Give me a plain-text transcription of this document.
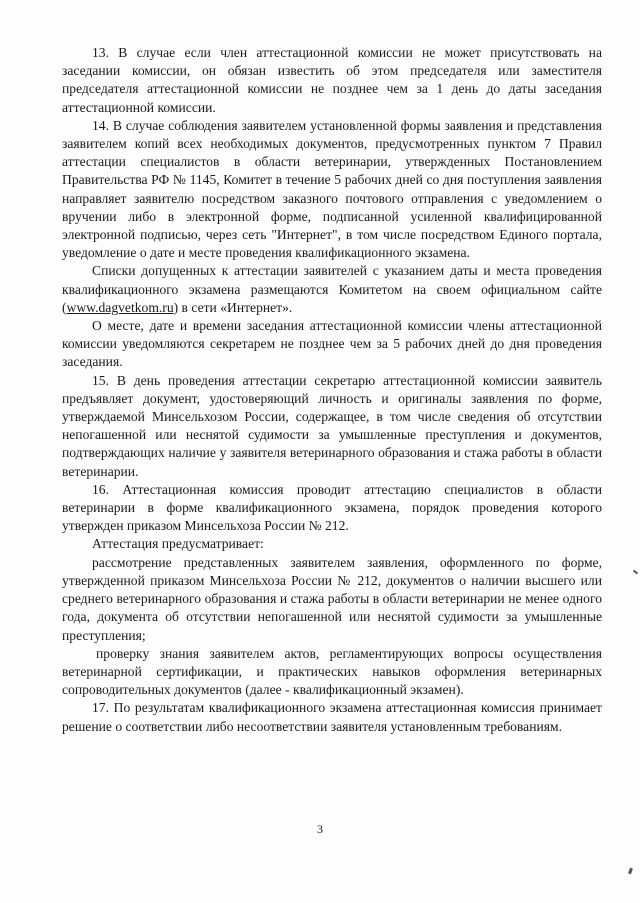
13. В случае если член аттестационной комиссии не может присутствовать на заседании комиссии, он обязан известить об этом председателя или заместителя председателя аттестационной комиссии не позднее чем за 1 день до даты заседания аттестационной комиссии.

14. В случае соблюдения заявителем установленной формы заявления и представления заявителем копий всех необходимых документов, предусмотренных пунктом 7 Правил аттестации специалистов в области ветеринарии, утвержденных Постановлением Правительства РФ № 1145, Комитет в течение 5 рабочих дней со дня поступления заявления направляет заявителю посредством заказного почтового отправления с уведомлением о вручении либо в электронной форме, подписанной усиленной квалифицированной электронной подписью, через сеть "Интернет", в том числе посредством Единого портала, уведомление о дате и месте проведения квалификационного экзамена.

Списки допущенных к аттестации заявителей с указанием даты и места проведения квалификационного экзамена размещаются Комитетом на своем официальном сайте (www.dagvetkom.ru) в сети «Интернет».

О месте, дате и времени заседания аттестационной комиссии члены аттестационной комиссии уведомляются секретарем не позднее чем за 5 рабочих дней до дня проведения заседания.

15. В день проведения аттестации секретарю аттестационной комиссии заявитель предъявляет документ, удостоверяющий личность и оригиналы заявления по форме, утверждаемой Минсельхозом России, содержащее, в том числе сведения об отсутствии непогашенной или неснятой судимости за умышленные преступления и документов, подтверждающих наличие у заявителя ветеринарного образования и стажа работы в области ветеринарии.

16. Аттестационная комиссия проводит аттестацию специалистов в области ветеринарии в форме квалификационного экзамена, порядок проведения которого утвержден приказом Минсельхоза России № 212.

Аттестация предусматривает:

рассмотрение представленных заявителем заявления, оформленного по форме, утвержденной приказом Минсельхоза России № 212, документов о наличии высшего или среднего ветеринарного образования и стажа работы в области ветеринарии не менее одного года, документа об отсутствии непогашенной или неснятой судимости за умышленные преступления;

проверку знания заявителем актов, регламентирующих вопросы осуществления ветеринарной сертификации, и практических навыков оформления ветеринарных сопроводительных документов (далее - квалификационный экзамен).

17. По результатам квалификационного экзамена аттестационная комиссия принимает решение о соответствии либо несоответствии заявителя установленным требованиям.

3
